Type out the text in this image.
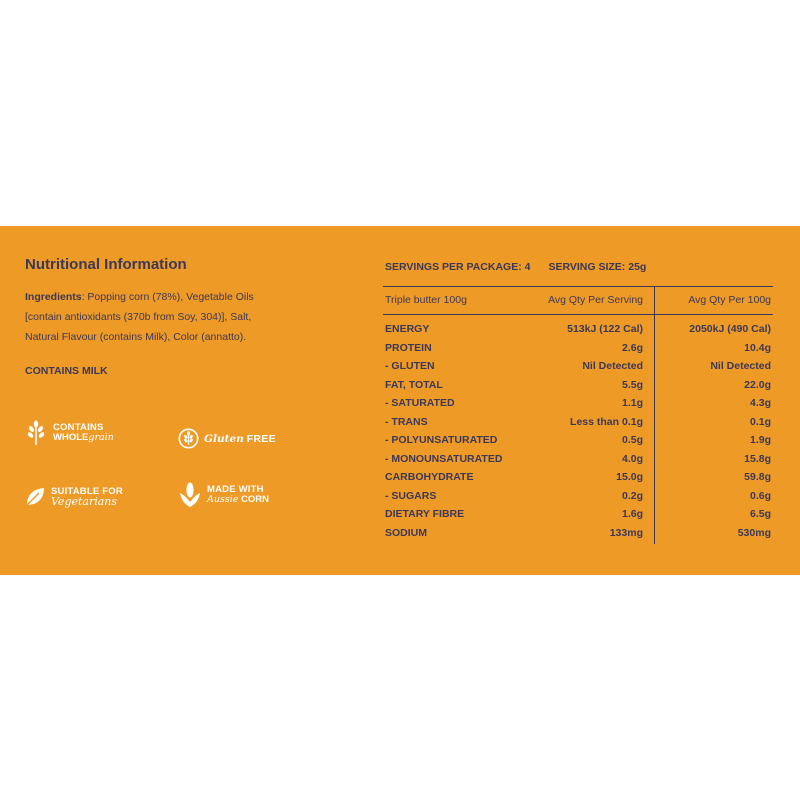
Nutritional Information
Ingredients: Popping corn (78%), Vegetable Oils
[contain antioxidants (370b from Soy, 304)], Salt,
Natural Flavour (contains Milk), Color (annatto).
CONTAINS MILK
CONTAINS
WHOLEgrain	Gluten FREE
SUITABLE FOR
Vegetarians
MADE WITH
Aussie CORN
SERVINGS PER PACKAGE: 4 SERVING SIZE: 25g
Triple butter 100g	Avg Qty Per Serving	Avg Qty Per 100g
ENERGY	513kJ (122 Cal)	2050kJ (490 Cal)
PROTEIN	2.6g	10.4g
- GLUTEN	Nil Detected	Nil Detected
FAT, TOTAL	5.5g	22.0g
- SATURATED	1.1g	4.3g
- TRANS	Less than 0.1g	0.1g
- POLYUNSATURATED	0.5g	1.9g
- MONOUNSATURATED	4.0g	15.8g
CARBOHYDRATE	15.0g	59.8g
- SUGARS	0.2g	0.6g
DIETARY FIBRE	1.6g	6.5g
SODIUM	133mg	530mg
